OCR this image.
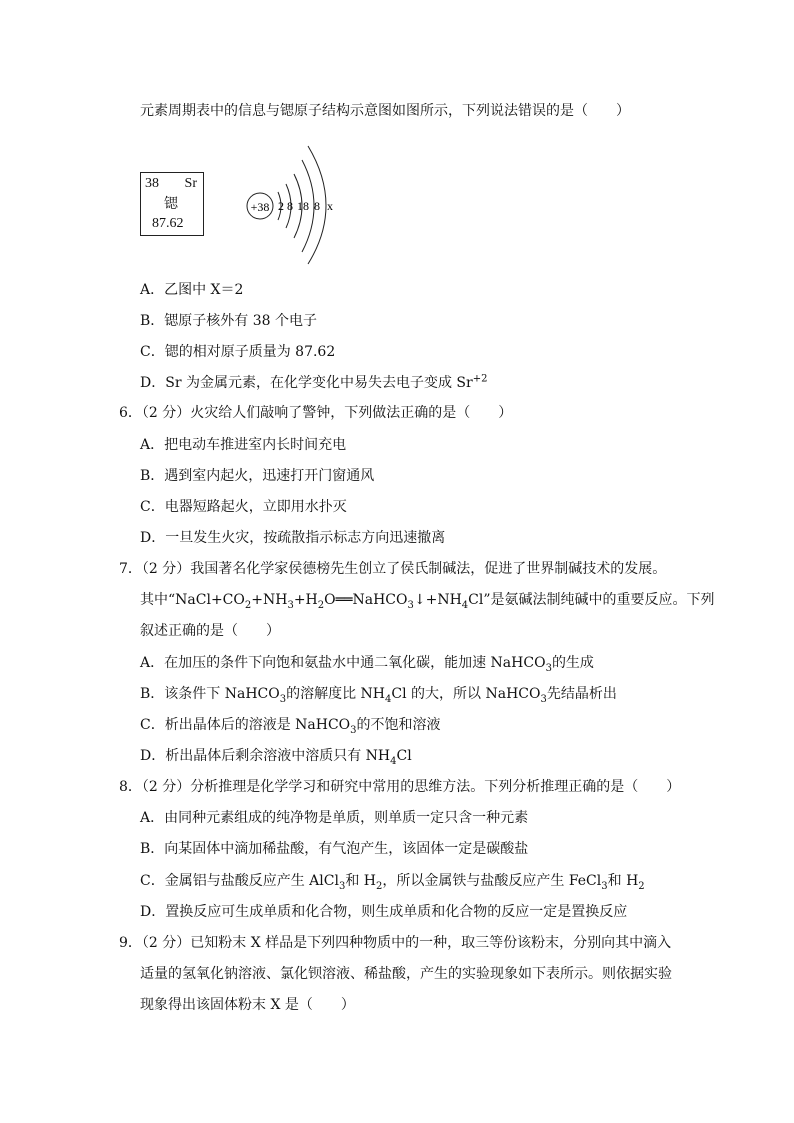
元素周期表中的信息与锶原子结构示意图如图所示，下列说法错误的是（　　）
38 Sr
锶
87.62
+38 2 8 18 8 x
A．乙图中 X＝2
B．锶原子核外有 38 个电子
C．锶的相对原子质量为 87.62
D．Sr 为金属元素，在化学变化中易失去电子变成 $Sr^{+2}$
6．（2 分）火灾给人们敲响了警钟，下列做法正确的是（　　）
A．把电动车推进室内长时间充电
B．遇到室内起火，迅速打开门窗通风
C．电器短路起火，立即用水扑灭
D．一旦发生火灾，按疏散指示标志方向迅速撤离
7．（2 分）我国著名化学家侯德榜先生创立了侯氏制碱法，促进了世界制碱技术的发展。
其中“$NaCl+CO_2+NH_3+H_2O══NaHCO_3↓+NH_4Cl$”是氨碱法制纯碱中的重要反应。下列
叙述正确的是（　　）
A．在加压的条件下向饱和氨盐水中通二氧化碳，能加速 NaHCO$_3$的生成
B．该条件下 NaHCO$_3$的溶解度比 $NH_4Cl$ 的大，所以 NaHCO$_3$先结晶析出
C．析出晶体后的溶液是 NaHCO$_3$的不饱和溶液
D．析出晶体后剩余溶液中溶质只有 $NH_4Cl$
8．（2 分）分析推理是化学学习和研究中常用的思维方法。下列分析推理正确的是（　　）
A．由同种元素组成的纯净物是单质，则单质一定只含一种元素
B．向某固体中滴加稀盐酸，有气泡产生，该固体一定是碳酸盐
C．金属铝与盐酸反应产生 AlCl$_3$和 $H_2$，所以金属铁与盐酸反应产生 FeCl$_3$和 $H_2$
D．置换反应可生成单质和化合物，则生成单质和化合物的反应一定是置换反应
9．（2 分）已知粉末 X 样品是下列四种物质中的一种，取三等份该粉末，分别向其中滴入
适量的氢氧化钠溶液、氯化钡溶液、稀盐酸，产生的实验现象如下表所示。则依据实验
现象得出该固体粉末 X 是（　　）
